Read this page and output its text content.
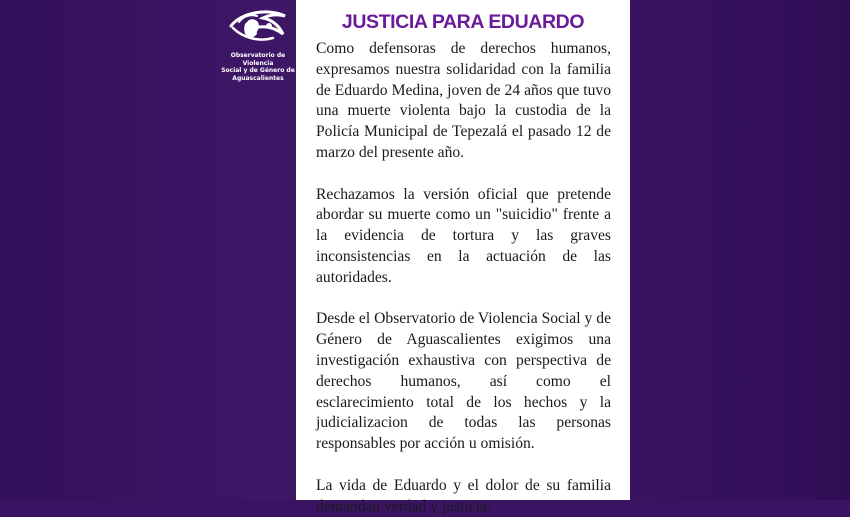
Observatorio de Violencia
Social y de Género de
Aguascalientes
JUSTICIA PARA EDUARDO

Como defensoras de derechos humanos, expresamos nuestra solidaridad con la familia de Eduardo Medina, joven de 24 años que tuvo una muerte violenta bajo la custodia de la Policía Municipal de Tepezalá el pasado 12 de marzo del presente año.

Rechazamos la versión oficial que pretende abordar su muerte como un "suicidio" frente a la evidencia de tortura y las graves inconsistencias en la actuación de las autoridades.

Desde el Observatorio de Violencia Social y de Género de Aguascalientes exigimos una investigación exhaustiva con perspectiva de derechos humanos, así como el esclarecimiento total de los hechos y la judicializacion de todas las personas responsables por acción u omisión.

La vida de Eduardo y el dolor de su familia demandan verdad y justicia.
